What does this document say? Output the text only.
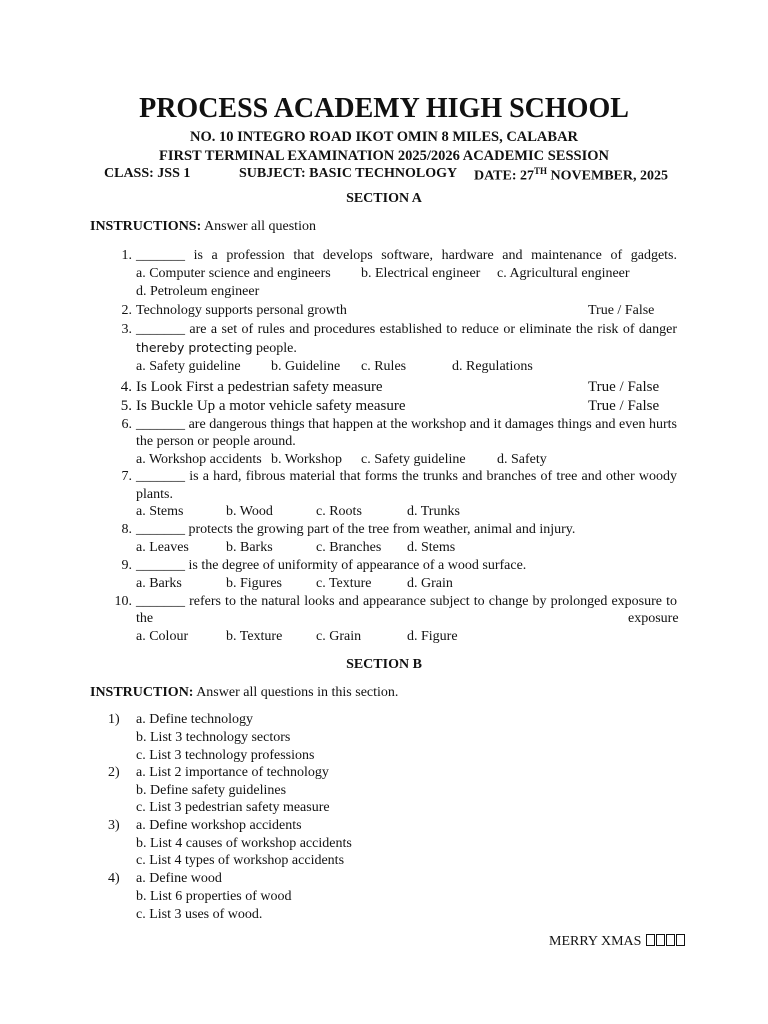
PROCESS ACADEMY HIGH SCHOOL
NO. 10 INTEGRO ROAD IKOT OMIN 8 MILES, CALABAR
FIRST TERMINAL EXAMINATION 2025/2026 ACADEMIC SESSION
CLASS: JSS 1	SUBJECT: BASIC TECHNOLOGY DATE: 27TH NOVEMBER, 2025
SECTION A
INSTRUCTIONS: Answer all question
1. _______ is a profession that develops software, hardware and maintenance of gadgets.
a. Computer science and engineers b. Electrical engineer c. Agricultural engineer
d. Petroleum engineer
2. Technology supports personal growth	True / False
3. _______ are a set of rules and procedures established to reduce or eliminate the risk of danger
thereby protecting people.
a. Safety guideline b. Guideline c. Rules	d. Regulations
4. Is Look First a pedestrian safety measure	True / False
5. Is Buckle Up a motor vehicle safety measure	True / False
6. _______ are dangerous things that happen at the workshop and it damages things and even hurts
the person or people around.
a. Workshop accidents b. Workshop c. Safety guideline d. Safety
7. _______ is a hard, fibrous material that forms the trunks and branches of tree and other woody
plants.
a. Stems	b. Wood	c. Roots	d. Trunks
8. _______ protects the growing part of the tree from weather, animal and injury.
a. Leaves	b. Barks	c. Branches d. Stems
9. _______ is the degree of uniformity of appearance of a wood surface.
a. Barks	b. Figures c. Texture	d. Grain
10. _______ refers to the natural looks and appearance subject to change by prolonged exposure to
the	exposure
a. Colour	b. Texture c. Grain	d. Figure
SECTION B
INSTRUCTION: Answer all questions in this section.
1) a. Define technology
b. List 3 technology sectors
c. List 3 technology professions
2) a. List 2 importance of technology
b. Define safety guidelines
c. List 3 pedestrian safety measure
3) a. Define workshop accidents
b. List 4 causes of workshop accidents
c. List 4 types of workshop accidents
4) a. Define wood
b. List 6 properties of wood
c. List 3 uses of wood.
MERRY XMAS
